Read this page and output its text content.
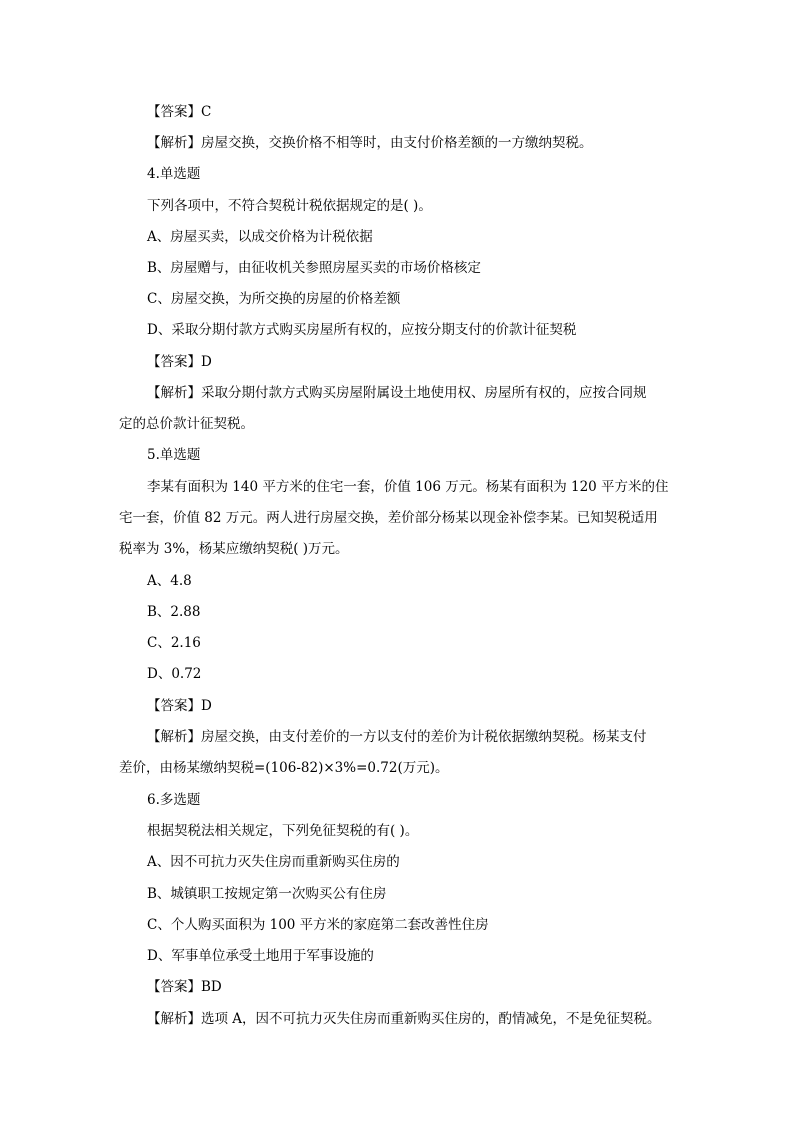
【答案】C
【解析】房屋交换，交换价格不相等时，由支付价格差额的一方缴纳契税。
4.单选题
下列各项中，不符合契税计税依据规定的是( )。
A、房屋买卖，以成交价格为计税依据
B、房屋赠与，由征收机关参照房屋买卖的市场价格核定
C、房屋交换，为所交换的房屋的价格差额
D、采取分期付款方式购买房屋所有权的，应按分期支付的价款计征契税
【答案】D
【解析】采取分期付款方式购买房屋附属设土地使用权、房屋所有权的，应按合同规
定的总价款计征契税。
5.单选题
李某有面积为 140 平方米的住宅一套，价值 106 万元。杨某有面积为 120 平方米的住
宅一套，价值 82 万元。两人进行房屋交换，差价部分杨某以现金补偿李某。已知契税适用
税率为 3%，杨某应缴纳契税( )万元。
A、4.8
B、2.88
C、2.16
D、0.72
【答案】D
【解析】房屋交换，由支付差价的一方以支付的差价为计税依据缴纳契税。杨某支付
差价，由杨某缴纳契税=(106-82)×3%=0.72(万元)。
6.多选题
根据契税法相关规定，下列免征契税的有( )。
A、因不可抗力灭失住房而重新购买住房的
B、城镇职工按规定第一次购买公有住房
C、个人购买面积为 100 平方米的家庭第二套改善性住房
D、军事单位承受土地用于军事设施的
【答案】BD
【解析】选项 A，因不可抗力灭失住房而重新购买住房的，酌情减免，不是免征契税。
